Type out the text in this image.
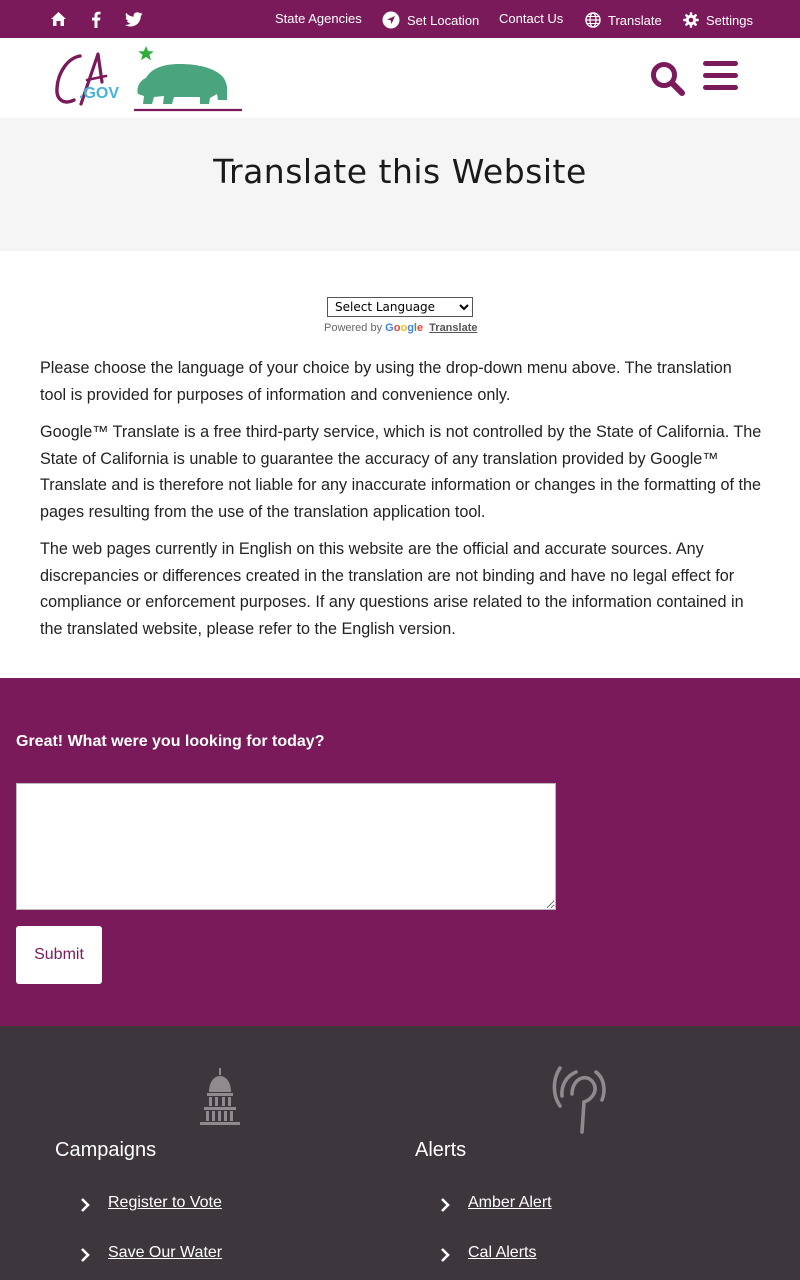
State Agencies	Set Location Contact Us	Translate	Settings
.GOV
Translate this Website
Select Language
Powered by Google Translate

Please choose the language of your choice by using the drop-down menu above. The translation tool is provided for purposes of information and convenience only.

Google™ Translate is a free third-party service, which is not controlled by the State of California. The State of California is unable to guarantee the accuracy of any translation provided by Google™ Translate and is therefore not liable for any inaccurate information or changes in the formatting of the pages resulting from the use of the translation application tool.

The web pages currently in English on this website are the official and accurate sources. Any discrepancies or differences created in the translation are not binding and have no legal effect for compliance or enforcement purposes. If any questions arise related to the information contained in the translated website, please refer to the English version.

Great! What were you looking for today?
Submit
Campaigns
Register to Vote
Save Our Water
Alerts
Amber Alert
Cal Alerts
